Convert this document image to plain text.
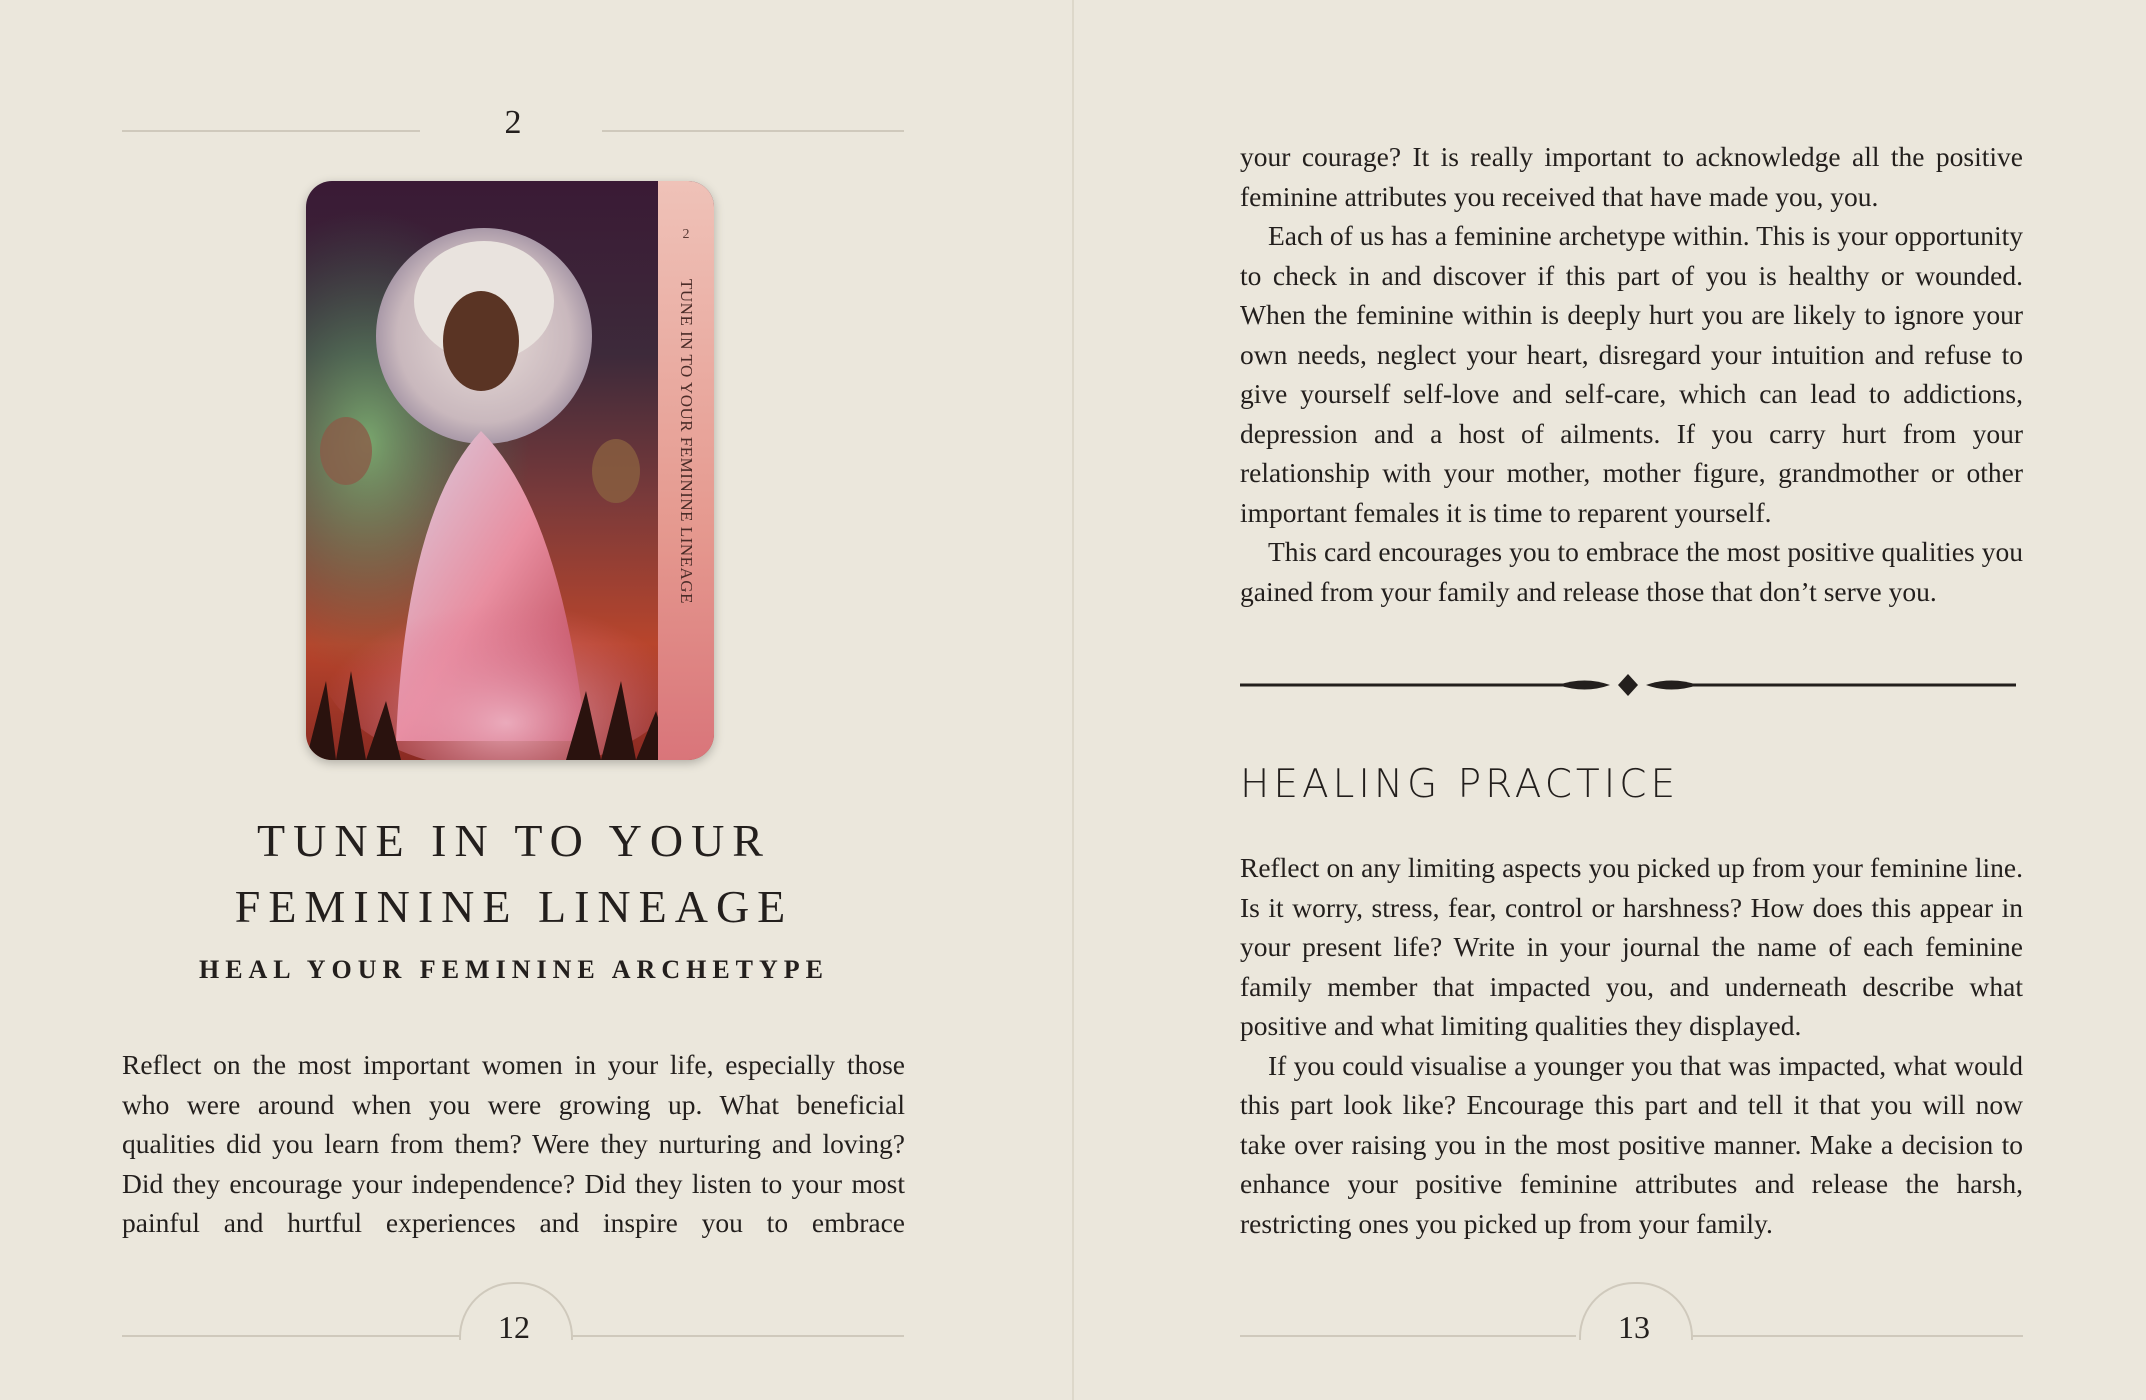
2
2
TUNE IN TO YOUR FEMININE LINEAGE
TUNE IN TO YOUR
FEMININE LINEAGE
HEAL YOUR FEMININE ARCHETYPE

Reflect on the most important women in your life, especially those who were around when you were growing up. What beneficial qualities did you learn from them? Were they nurturing and loving? Did they encourage your independence? Did they listen to your most painful and hurtful experiences and inspire you to embrace

12

your courage? It is really important to acknowledge all the positive feminine attributes you received that have made you, you.

Each of us has a feminine archetype within. This is your opportunity to check in and discover if this part of you is healthy or wounded. When the feminine within is deeply hurt you are likely to ignore your own needs, neglect your heart, disregard your intuition and refuse to give yourself self-love and self-care, which can lead to addictions, depression and a host of ailments. If you carry hurt from your relationship with your mother, mother figure, grandmother or other important females it is time to reparent yourself.

This card encourages you to embrace the most positive qualities you gained from your family and release those that don’t serve you.

HEALING PRACTICE

Reflect on any limiting aspects you picked up from your feminine line. Is it worry, stress, fear, control or harshness? How does this appear in your present life? Write in your journal the name of each feminine family member that impacted you, and underneath describe what positive and what limiting qualities they displayed.

If you could visualise a younger you that was impacted, what would this part look like? Encourage this part and tell it that you will now take over raising you in the most positive manner. Make a decision to enhance your positive feminine attributes and release the harsh, restricting ones you picked up from your family.

13
